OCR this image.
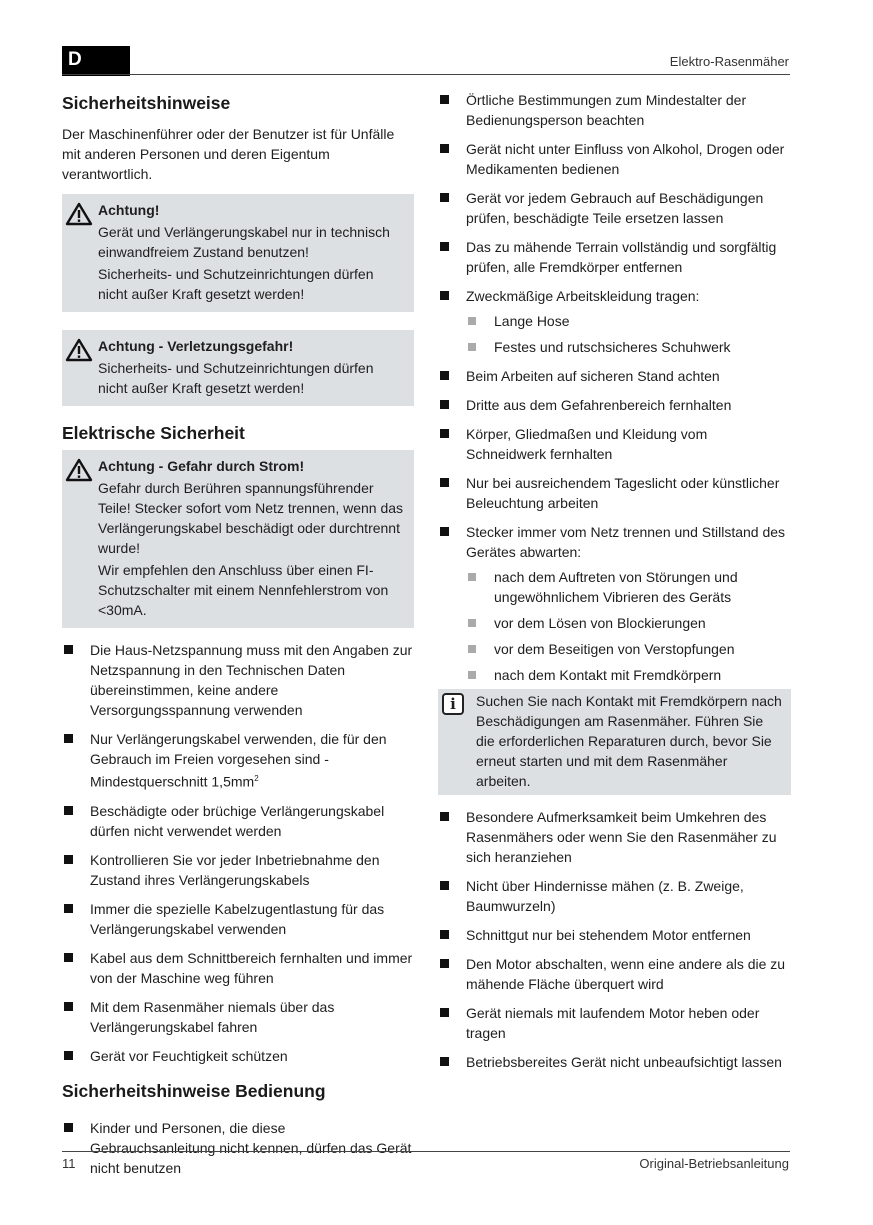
D	Elektro-Rasenmäher
Sicherheitshinweise

Der Maschinenführer oder der Benutzer ist für Unfälle mit anderen Personen und deren Eigentum verantwortlich.

Achtung!

Gerät und Verlängerungskabel nur in technisch einwandfreiem Zustand benutzen!

Sicherheits- und Schutzeinrichtungen dürfen nicht außer Kraft gesetzt werden!

Achtung - Verletzungsgefahr!

Sicherheits- und Schutzeinrichtungen dürfen nicht außer Kraft gesetzt werden!

Elektrische Sicherheit
Achtung - Gefahr durch Strom!

Gefahr durch Berühren spannungsführender Teile! Stecker sofort vom Netz trennen, wenn das Verlängerungskabel beschädigt oder durchtrennt wurde!

Wir empfehlen den Anschluss über einen FI-Schutzschalter mit einem Nennfehlerstrom von <30mA.

Die Haus-Netzspannung muss mit den Angaben zur Netzspannung in den Technischen Daten übereinstimmen, keine andere Versorgungsspannung verwenden
Nur Verlängerungskabel verwenden, die für den Gebrauch im Freien vorgesehen sind - Mindestquerschnitt $1,5mm^2$
Beschädigte oder brüchige Verlängerungskabel dürfen nicht verwendet werden
Kontrollieren Sie vor jeder Inbetriebnahme den Zustand ihres Verlängerungskabels
Immer die spezielle Kabelzugentlastung für das Verlängerungskabel verwenden
Kabel aus dem Schnittbereich fernhalten und immer von der Maschine weg führen
Mit dem Rasenmäher niemals über das Verlängerungskabel fahren
Gerät vor Feuchtigkeit schützen
Sicherheitshinweise Bedienung
Kinder und Personen, die diese Gebrauchsanleitung nicht kennen, dürfen das Gerät nicht benutzen
Örtliche Bestimmungen zum Mindestalter der Bedienungsperson beachten
Gerät nicht unter Einfluss von Alkohol, Drogen oder Medikamenten bedienen
Gerät vor jedem Gebrauch auf Beschädigungen prüfen, beschädigte Teile ersetzen lassen
Das zu mähende Terrain vollständig und sorgfältig prüfen, alle Fremdkörper entfernen
Zweckmäßige Arbeitskleidung tragen:
Lange Hose
Festes und rutschsicheres Schuhwerk
Beim Arbeiten auf sicheren Stand achten
Dritte aus dem Gefahrenbereich fernhalten
Körper, Gliedmaßen und Kleidung vom Schneidwerk fernhalten
Nur bei ausreichendem Tageslicht oder künstlicher Beleuchtung arbeiten
Stecker immer vom Netz trennen und Stillstand des Gerätes abwarten:
nach dem Auftreten von Störungen und ungewöhnlichem Vibrieren des Geräts
vor dem Lösen von Blockierungen
vor dem Beseitigen von Verstopfungen
nach dem Kontakt mit Fremdkörpern
i	Suchen Sie nach Kontakt mit Fremdkörpern nach Beschädigungen am Rasenmäher. Führen Sie die erforderlichen Reparaturen durch, bevor Sie erneut starten und mit dem Rasenmäher arbeiten.
Besondere Aufmerksamkeit beim Umkehren des Rasenmähers oder wenn Sie den Rasenmäher zu sich heranziehen
Nicht über Hindernisse mähen (z. B. Zweige, Baumwurzeln)
Schnittgut nur bei stehendem Motor entfernen
Den Motor abschalten, wenn eine andere als die zu mähende Fläche überquert wird
Gerät niemals mit laufendem Motor heben oder tragen
Betriebsbereites Gerät nicht unbeaufsichtigt lassen
11	Original-Betriebsanleitung
